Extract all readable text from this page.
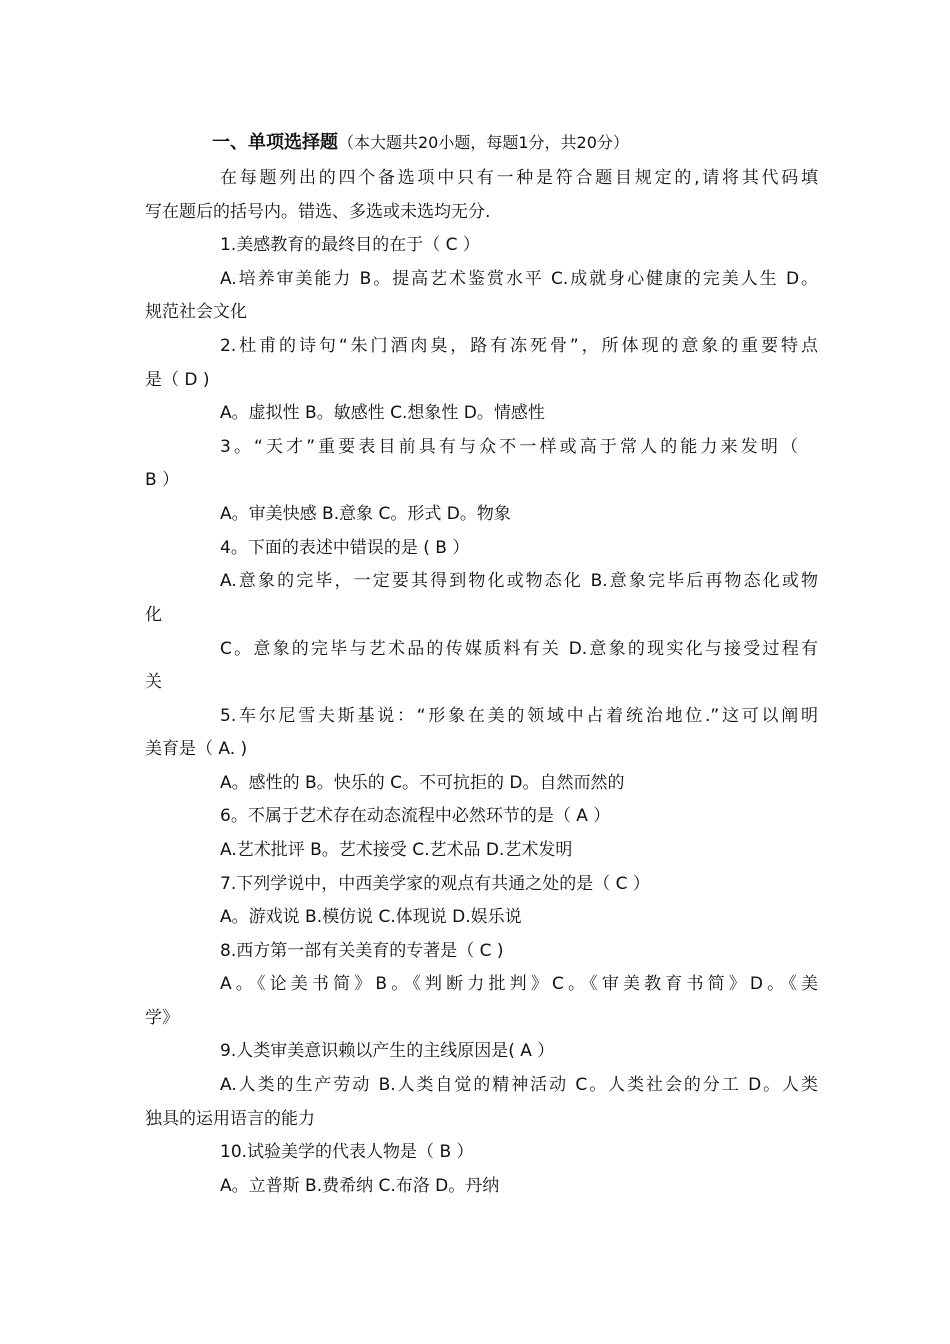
一、单项选择题（本大题共20小题，每题1分，共20分）
在每题列出的四个备选项中只有一种是符合题目规定的,请将其代码填
写在题后的括号内。错选、多选或未选均无分.
1.美感教育的最终目的在于（ C ）
A.培养审美能力 B。提高艺术鉴赏水平 C.成就身心健康的完美人生 D。
规范社会文化
2.杜甫的诗句“朱门酒肉臭，路有冻死骨”，所体现的意象的重要特点
是（ D )
A。虚拟性 B。敏感性 C.想象性 D。情感性
3。“天才”重要表目前具有与众不一样或高于常人的能力来发明（
B ）
A。审美快感 B.意象 C。形式 D。物象
4。下面的表述中错误的是 ( B ）
A.意象的完毕，一定要其得到物化或物态化 B.意象完毕后再物态化或物
化
C。意象的完毕与艺术品的传媒质料有关 D.意象的现实化与接受过程有
关
5.车尔尼雪夫斯基说：“形象在美的领域中占着统治地位.”这可以阐明
美育是（ A. )
A。感性的 B。快乐的 C。不可抗拒的 D。自然而然的
6。不属于艺术存在动态流程中必然环节的是（ A ）
A.艺术批评 B。艺术接受 C.艺术品 D.艺术发明
7.下列学说中，中西美学家的观点有共通之处的是（ C ）
A。游戏说 B.模仿说 C.体现说 D.娱乐说
8.西方第一部有关美育的专著是（ C )
A。《论美书简》B。《判断力批判》C。《审美教育书简》D。《美
学》
9.人类审美意识赖以产生的主线原因是( A ）
A.人类的生产劳动 B.人类自觉的精神活动 C。人类社会的分工 D。人类
独具的运用语言的能力
10.试验美学的代表人物是（ B ）
A。立普斯 B.费希纳 C.布洛 D。丹纳
